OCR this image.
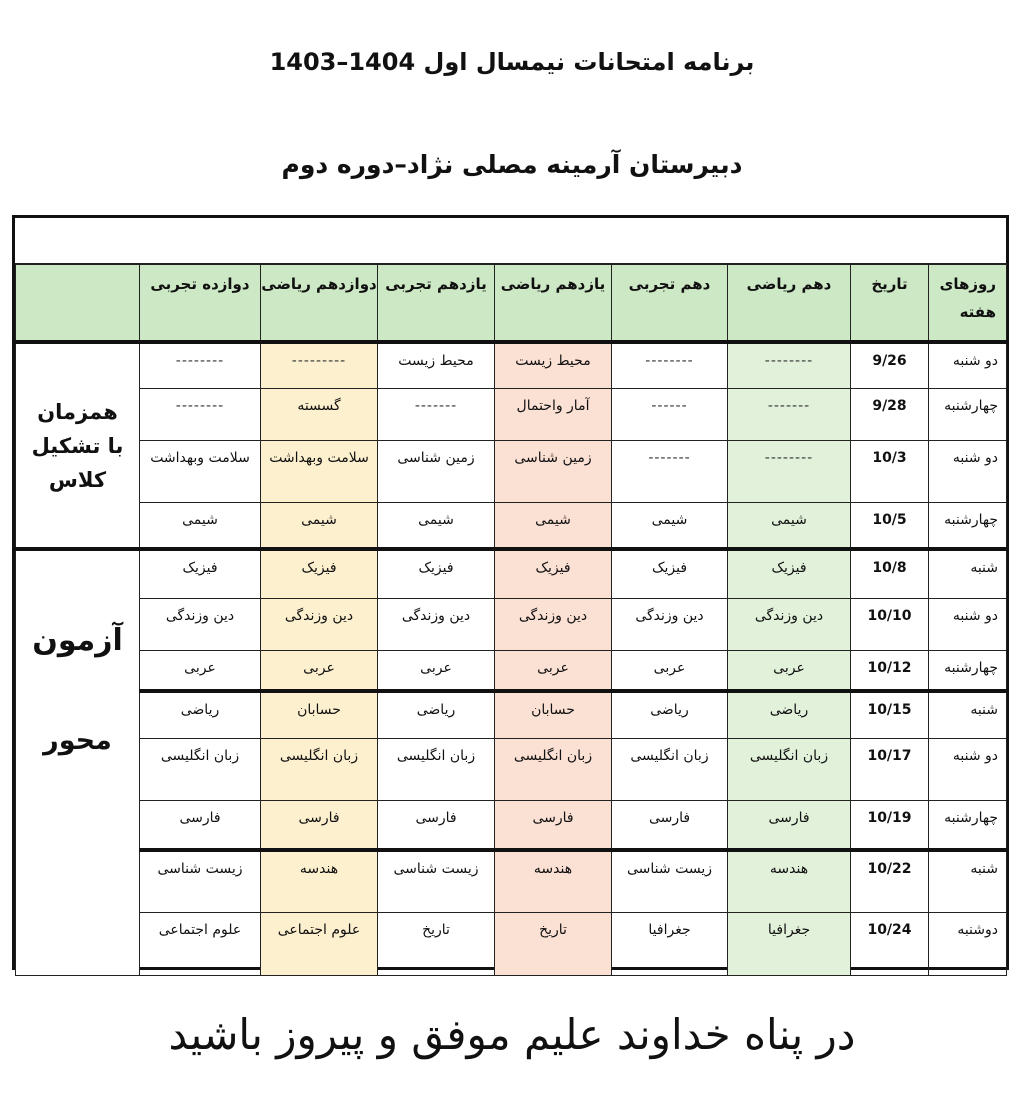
برنامه امتحانات نیمسال اول 1404–1403
دبیرستان آرمینه مصلی نژاد–دوره دوم
روزهای هفته	تاریخ	دهم ریاضی	دهم تجربی	یازدهم ریاضی	یازدهم تجربی	دوازدهم ریاضی	دوازده تجربی	
دو شنبه	9/26	--------	--------	محیط زیست	محیط زیست	---------	--------	همزمان با تشکیل کلاس
چهارشنبه	9/28	-------	------	آمار واحتمال	-------	گسسته	--------	
دو شنبه	10/3	--------	-------	زمین شناسی	زمین شناسی	سلامت وبهداشت	سلامت وبهداشت	
چهارشنبه	10/5	شیمی	شیمی	شیمی	شیمی	شیمی	شیمی	
شنبه	10/8	فیزیک	فیزیک	فیزیک	فیزیک	فیزیک	فیزیک	آزمون
محور

دو شنبه	10/10	دین وزندگی	دین وزندگی	دین وزندگی	دین وزندگی	دین وزندگی	دین وزندگی	
چهارشنبه	10/12	عربی	عربی	عربی	عربی	عربی	عربی	
شنبه	10/15	ریاضی	ریاضی	حسابان	ریاضی	حسابان	ریاضی	
دو شنبه	10/17	زبان انگلیسی	زبان انگلیسی	زبان انگلیسی	زبان انگلیسی	زبان انگلیسی	زبان انگلیسی	
چهارشنبه	10/19	فارسی	فارسی	فارسی	فارسی	فارسی	فارسی	
شنبه	10/22	هندسه	زیست شناسی	هندسه	زیست شناسی	هندسه	زیست شناسی	
دوشنبه	10/24	جغرافیا	جغرافیا	تاریخ	تاریخ	علوم اجتماعی	علوم اجتماعی	
در پناه خداوند علیم موفق و پیروز باشید
